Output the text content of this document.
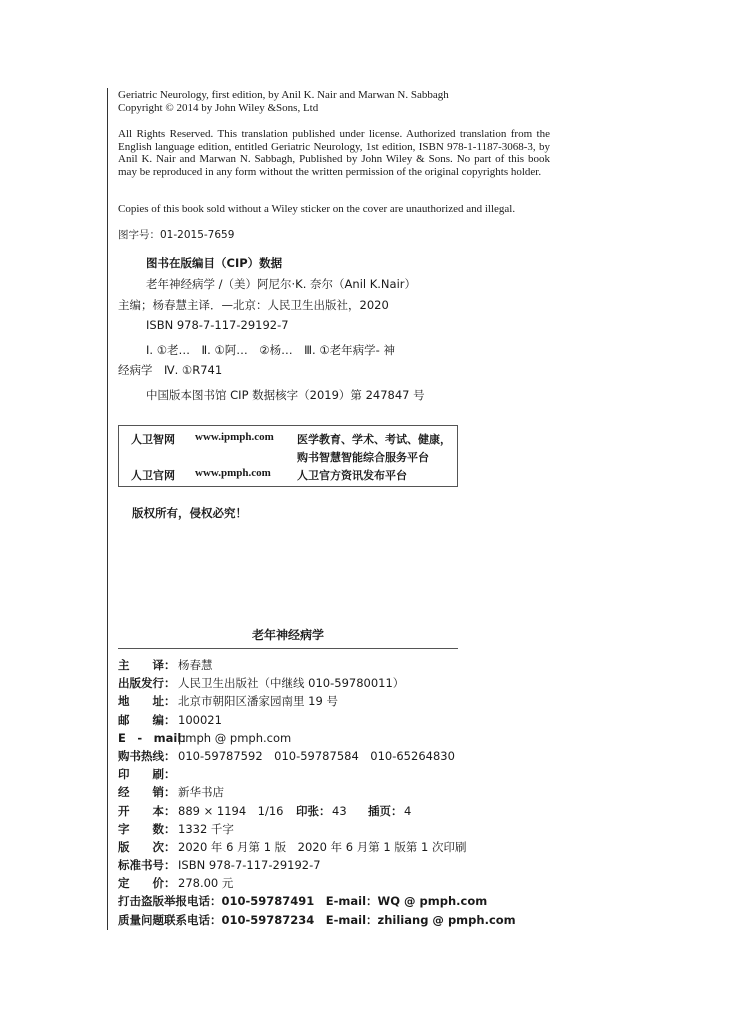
Geriatric Neurology, first edition, by Anil K. Nair and Marwan N. Sabbagh

Copyright © 2014 by John Wiley &Sons, Ltd

All Rights Reserved. This translation published under license. Authorized translation from the English language edition, entitled Geriatric Neurology, 1st edition, ISBN 978-1-1187-3068-3, by Anil K. Nair and Marwan N. Sabbagh, Published by John Wiley & Sons. No part of this book may be reproduced in any form without the written permission of the original copyrights holder.

Copies of this book sold without a Wiley sticker on the cover are unauthorized and illegal.

图字号：01-2015-7659

图书在版编目（CIP）数据
老年神经病学 /（美）阿尼尔·K. 奈尔（Anil K.Nair）
主编；杨春慧主译．—北京：人民卫生出版社，2020
ISBN 978-7-117-29192-7
Ⅰ. ①老…　Ⅱ. ①阿…　②杨…　Ⅲ. ①老年病学- 神
经病学　Ⅳ. ①R741
中国版本图书馆 CIP 数据核字（2019）第 247847 号
人卫智网 www.ipmph.com 医学教育、学术、考试、健康，
购书智慧智能综合服务平台
人卫官网 www.pmph.com 人卫官方资讯发布平台
版权所有，侵权必究！
老年神经病学
主　　译： 杨春慧
出版发行： 人民卫生出版社（中继线 010-59780011）
地　　址： 北京市朝阳区潘家园南里 19 号
邮　　编： 100021
E　-　mail：
pmph @ pmph.com
购书热线： 010-59787592　010-59787584　010-65264830
印　　刷：
经　　销： 新华书店
开　　本： 889 × 1194　1/16 印张： 43 插页： 4
字　　数： 1332 千字
版　　次： 2020 年 6 月第 1 版　2020 年 6 月第 1 版第 1 次印刷
标准书号： ISBN 978-7-117-29192-7
定　　价： 278.00 元
打击盗版举报电话：010-59787491　E-mail：WQ @ pmph.com
质量问题联系电话：010-59787234　E-mail：zhiliang @ pmph.com
